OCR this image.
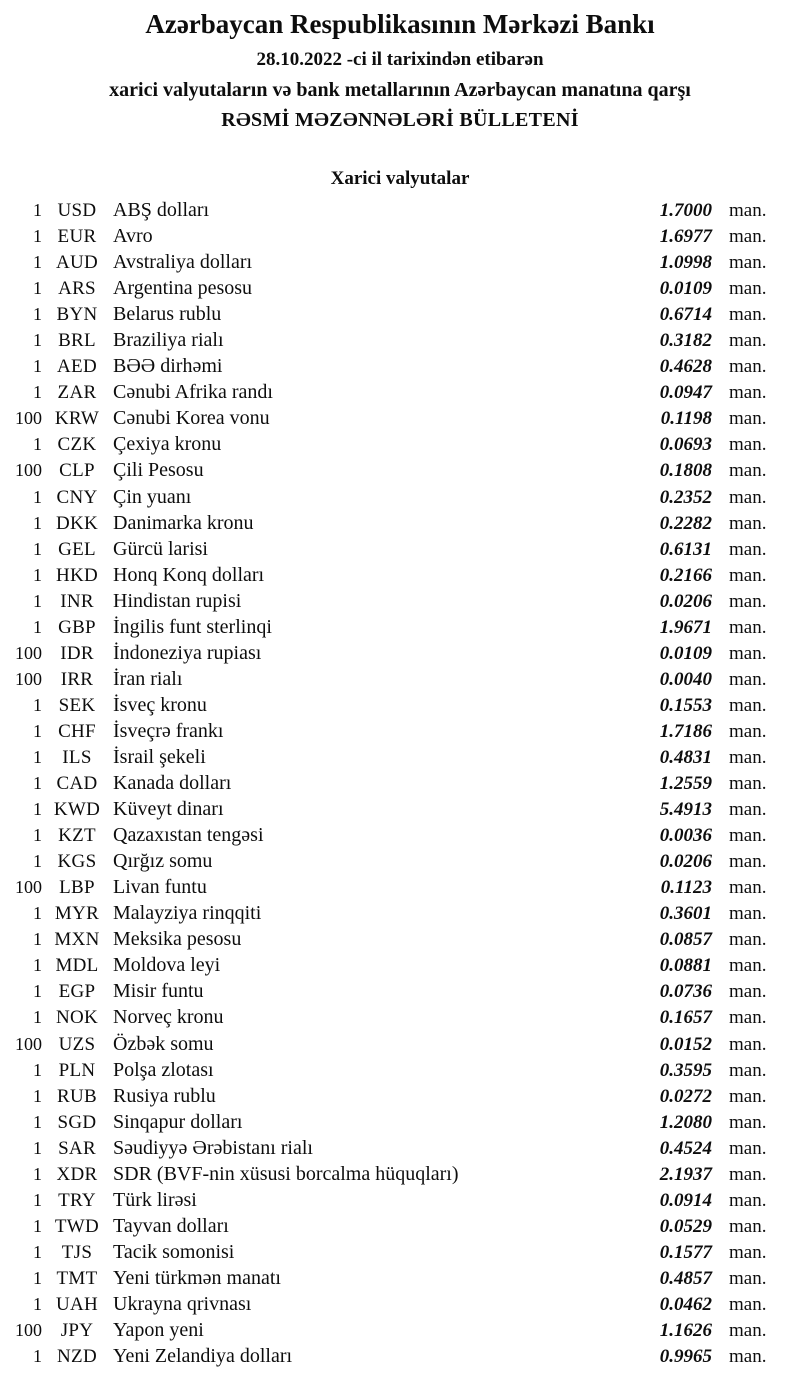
Azərbaycan Respublikasının Mərkəzi Bankı
28.10.2022 -ci il tarixindən etibarən
xarici valyutaların və bank metallarının Azərbaycan manatına qarşı
RƏSMİ MƏZƏNNƏLƏRİ BÜLLETENİ
Xarici valyutalar
1 USD ABŞ dolları	1.7000 man.
1 EUR Avro	1.6977 man.
1 AUD Avstraliya dolları	1.0998 man.
1 ARS Argentina pesosu	0.0109 man.
1 BYN Belarus rublu	0.6714 man.
1 BRL Braziliya rialı	0.3182 man.
1 AED BƏƏ dirhəmi	0.4628 man.
1 ZAR Cənubi Afrika randı	0.0947 man.
100 KRW Cənubi Korea vonu	0.1198 man.
1 CZK Çexiya kronu	0.0693 man.
100 CLP Çili Pesosu	0.1808 man.
1 CNY Çin yuanı	0.2352 man.
1 DKK Danimarka kronu	0.2282 man.
1 GEL Gürcü larisi	0.6131 man.
1 HKD Honq Konq dolları	0.2166 man.
1 INR Hindistan rupisi	0.0206 man.
1 GBP İngilis funt sterlinqi	1.9671 man.
100 IDR İndoneziya rupiası	0.0109 man.
100 IRR İran rialı	0.0040 man.
1 SEK İsveç kronu	0.1553 man.
1 CHF İsveçrə frankı	1.7186 man.
1	ILS	İsrail şekeli	0.4831 man.
1 CAD Kanada dolları	1.2559 man.
1 KWD Küveyt dinarı	5.4913 man.
1 KZT Qazaxıstan tengəsi	0.0036 man.
1 KGS Qırğız somu	0.0206 man.
100 LBP Livan funtu	0.1123 man.
1 MYR Malayziya rinqqiti	0.3601 man.
1 MXN Meksika pesosu	0.0857 man.
1 MDL Moldova leyi	0.0881 man.
1 EGP Misir funtu	0.0736 man.
1 NOK Norveç kronu	0.1657 man.
100 UZS Özbək somu	0.0152 man.
1 PLN Polşa zlotası	0.3595 man.
1 RUB Rusiya rublu	0.0272 man.
1 SGD Sinqapur dolları	1.2080 man.
1 SAR Səudiyyə Ərəbistanı rialı	0.4524 man.
1 XDR SDR (BVF-nin xüsusi borcalma hüquqları)	2.1937 man.
1 TRY Türk lirəsi	0.0914 man.
1 TWD Tayvan dolları	0.0529 man.
1	TJS	Tacik somonisi	0.1577 man.
1 TMT Yeni türkmən manatı	0.4857 man.
1 UAH Ukrayna qrivnası	0.0462 man.
100 JPY Yapon yeni	1.1626 man.
1 NZD Yeni Zelandiya dolları	0.9965 man.
